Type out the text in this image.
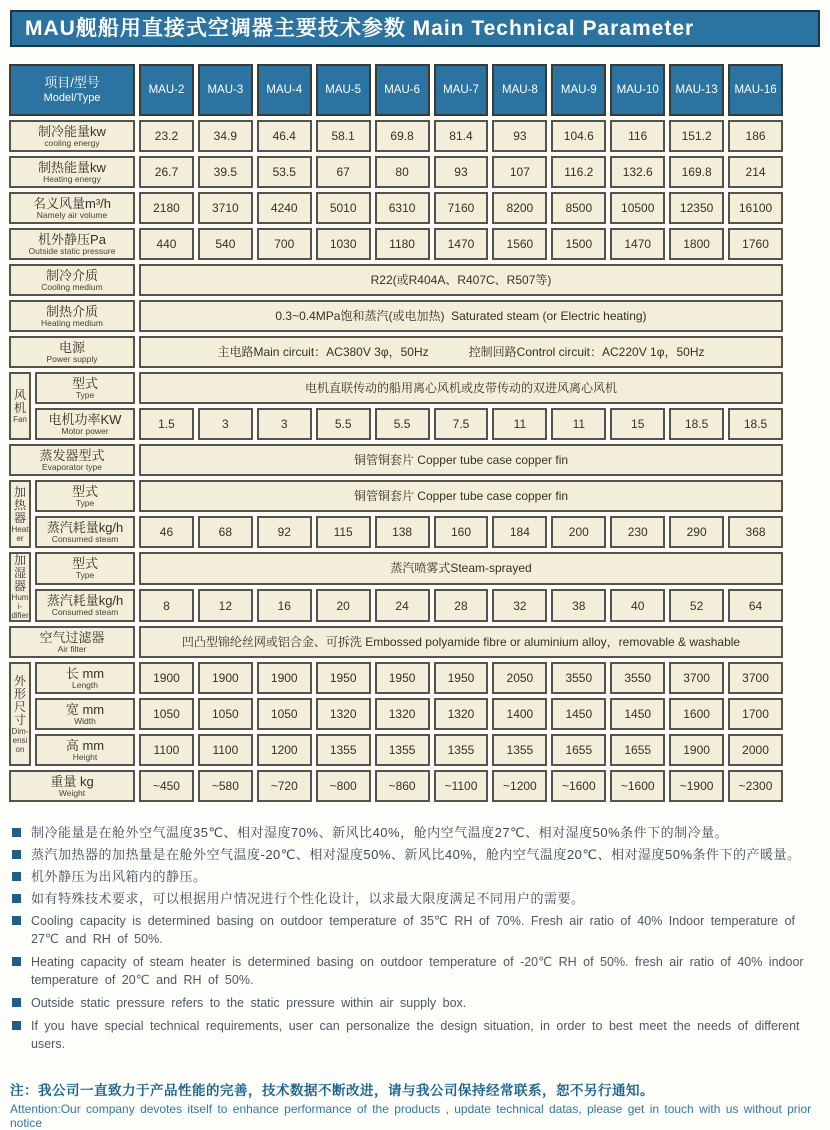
MAU舰船用直接式空调器主要技术参数 Main Technical Parameter
项目/型号
Model/Type		MAU-2	MAU-3	MAU-4	MAU-5	MAU-6	MAU-7	MAU-8	MAU-9	MAU-10	MAU-13	MAU-16

制冷能量kw
cooling energy		23.2	34.9	46.4	58.1	69.8	81.4	93	104.6	116	151.2	186

制热能量kw
Heating energy		26.7	39.5	53.5	67	80	93	107	116.2	132.6	169.8	214

名义风量m³/h
Namely air volume		2180	3710	4240	5010	6310	7160	8200	8500	10500	12350	16100

机外静压Pa
Outside static pressure		440	540	700	1030	1180	1470	1560	1500	1470	1800	1760

制冷介质
Cooling medium		R22(或R404A、R407C、R507等)										

制热介质
Heating medium		0.3~0.4MPa饱和蒸汽(或电加热)  Saturated steam (or Electric heating)										

电源
Power supply		主电路Main circuit：AC380V 3φ，50Hz            控制回路Control circuit：AC220V 1φ，50Hz										

风机
Fan

型式
Type	电机直联传动的船用离心风机或皮带传动的双进风离心风机

	电机功率KW
Motor power	1.5	3	3	5.5	5.5	7.5	11	11	15	18.5	18.5

蒸发器型式
Evaporator type		铜管铜套片 Copper tube case copper fin										

加热器
Heater

型式
Type	铜管铜套片 Copper tube case copper fin

	蒸汽耗量kg/h
Consumed steam	46	68	92	115	138	160	184	200	230	290	368

加湿器
Humi-difier

型式
Type	蒸汽喷雾式Steam-sprayed

	蒸汽耗量kg/h
Consumed steam	8	12	16	20	24	28	32	38	40	52	64

空气过滤器
Air filter		凹凸型锦纶丝网或铝合金、可拆洗 Embossed polyamide fibre or aluminium alloy，removable & washable										

外形尺寸
Dim-ension

长 mm
Length	1900	1900	1900	1950	1950	1950	2050	3550	3550	3700	3700

	宽 mm
Width	1050	1050	1050	1320	1320	1320	1400	1450	1450	1600	1700

	高 mm
Height	1100	1100	1200	1355	1355	1355	1355	1655	1655	1900	2000

重量 kg
Weight		~450	~580	~720	~800	~860	~1100	~1200	~1600	~1600	~1900	~2300
制冷能量是在舱外空气温度35℃、相对湿度70%、新风比40%，舱内空气温度27℃、相对湿度50%条件下的制冷量。
蒸汽加热器的加热量是在舱外空气温度-20℃、相对湿度50%、新风比40%，舱内空气温度20℃、相对湿度50%条件下的产暖量。
机外静压为出风箱内的静压。
如有特殊技术要求，可以根据用户情况进行个性化设计，以求最大限度满足不同用户的需要。
Cooling capacity is determined basing on outdoor temperature of 35℃ RH of 70%. Fresh air ratio of 40% Indoor temperature of 27℃ and RH of 50%.
Heating capacity of steam heater is determined basing on outdoor temperature of -20℃ RH of 50%. fresh air ratio of 40% indoor temperature of 20℃ and RH of 50%.
Outside static pressure refers to the static pressure within air supply box.
If you have special technical requirements, user can personalize the design situation, in order to best meet the needs of different users.
注：我公司一直致力于产品性能的完善，技术数据不断改进，请与我公司保持经常联系，恕不另行通知。
Attention:Our company devotes itself to enhance performance of the products , update technical datas, please get in touch with us without prior notice
